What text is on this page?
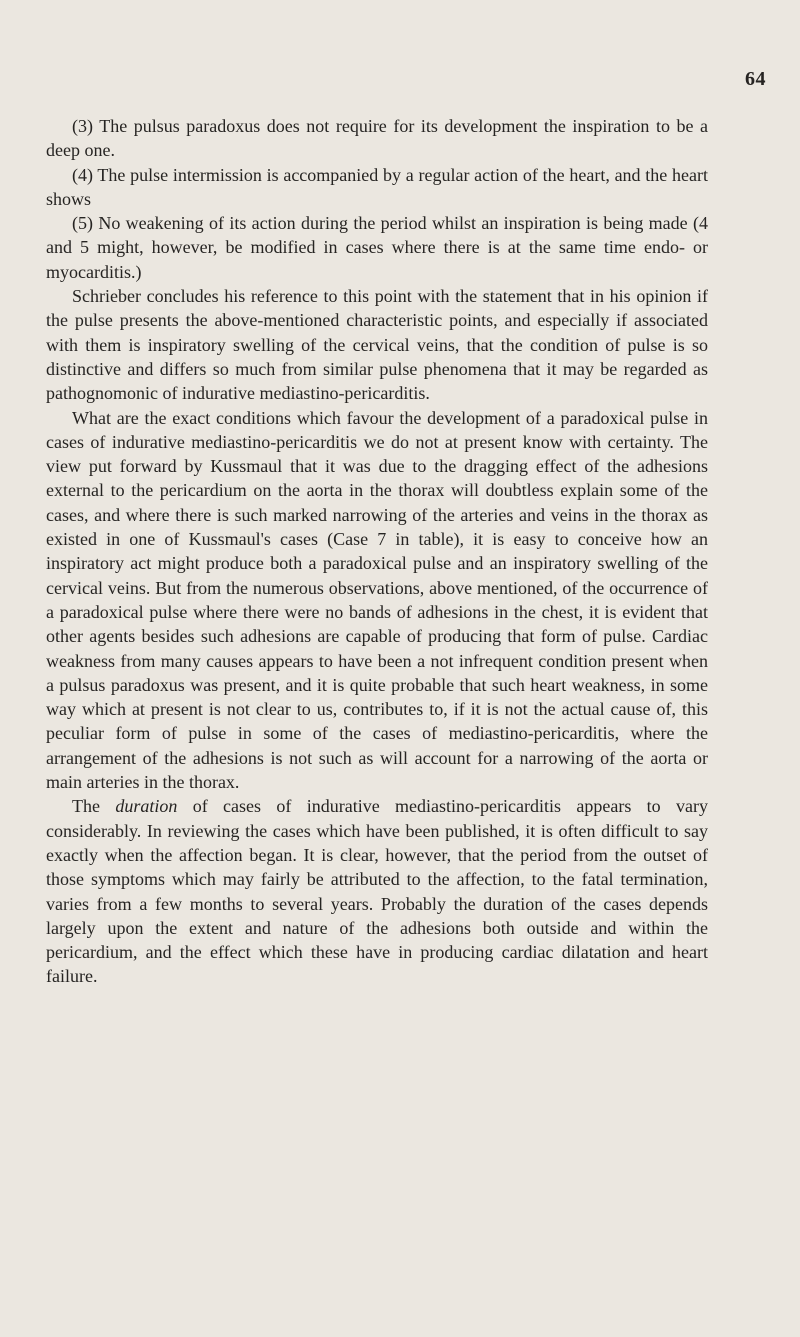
64

(3) The pulsus paradoxus does not require for its development the inspiration to be a deep one.

(4) The pulse intermission is accompanied by a regular action of the heart, and the heart shows

(5) No weakening of its action during the period whilst an inspiration is being made (4 and 5 might, however, be modified in cases where there is at the same time endo- or myocarditis.)

Schrieber concludes his reference to this point with the statement that in his opinion if the pulse presents the above-mentioned characteristic points, and especially if associated with them is inspiratory swelling of the cervical veins, that the condition of pulse is so distinctive and differs so much from similar pulse phenomena that it may be regarded as pathognomonic of indurative mediastino-pericarditis.

What are the exact conditions which favour the development of a paradoxical pulse in cases of indurative mediastino-pericarditis we do not at present know with certainty. The view put forward by Kussmaul that it was due to the dragging effect of the adhesions external to the pericardium on the aorta in the thorax will doubtless explain some of the cases, and where there is such marked narrowing of the arteries and veins in the thorax as existed in one of Kussmaul's cases (Case 7 in table), it is easy to conceive how an inspiratory act might produce both a paradoxical pulse and an inspiratory swelling of the cervical veins. But from the numerous observations, above mentioned, of the occurrence of a paradoxical pulse where there were no bands of adhesions in the chest, it is evident that other agents besides such adhesions are capable of producing that form of pulse. Cardiac weakness from many causes appears to have been a not infrequent condition present when a pulsus paradoxus was present, and it is quite probable that such heart weakness, in some way which at present is not clear to us, contributes to, if it is not the actual cause of, this peculiar form of pulse in some of the cases of mediastino-pericarditis, where the arrangement of the adhesions is not such as will account for a narrowing of the aorta or main arteries in the thorax.

The duration of cases of indurative mediastino-pericarditis appears to vary considerably. In reviewing the cases which have been published, it is often difficult to say exactly when the affection began. It is clear, however, that the period from the outset of those symptoms which may fairly be attributed to the affection, to the fatal termination, varies from a few months to several years. Probably the duration of the cases depends largely upon the extent and nature of the adhesions both outside and within the pericardium, and the effect which these have in producing cardiac dilatation and heart failure.
